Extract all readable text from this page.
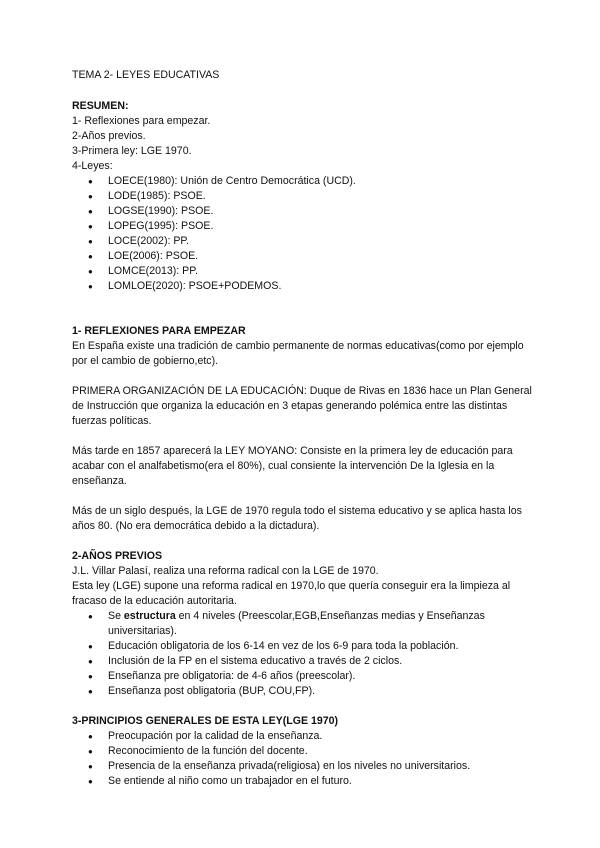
TEMA 2- LEYES EDUCATIVAS

RESUMEN:

1- Reflexiones para empezar.

2-Años previos.

3-Primera ley: LGE 1970.

4-Leyes:

● LOECE(1980): Unión de Centro Democrática (UCD).
● LODE(1985): PSOE.
● LOGSE(1990): PSOE.
● LOPEG(1995): PSOE.
● LOCE(2002): PP.
● LOE(2006): PSOE.
● LOMCE(2013): PP.
● LOMLOE(2020): PSOE+PODEMOS.

1- REFLEXIONES PARA EMPEZAR

En España existe una tradición de cambio permanente de normas educativas(como por ejemplo por el cambio de gobierno,etc).

PRIMERA ORGANIZACIÓN DE LA EDUCACIÓN: Duque de Rivas en 1836 hace un Plan General de Instrucción que organiza la educación en 3 etapas generando polémica entre las distintas fuerzas políticas.

Más tarde en 1857 aparecerá la LEY MOYANO: Consiste en la primera ley de educación para acabar con el analfabetismo(era el 80%), cual consiente la intervención De la Iglesia en la enseñanza.

Más de un siglo después, la LGE de 1970 regula todo el sistema educativo y se aplica hasta los años 80. (No era democrática debido a la dictadura).

2-AÑOS PREVIOS

J.L. Villar Palasí, realiza una reforma radical con la LGE de 1970.

Esta ley (LGE) supone una reforma radical en 1970,lo que quería conseguir era la limpieza al fracaso de la educación autoritaria.

● Se estructura en 4 niveles (Preescolar,EGB,Enseñanzas medias y Enseñanzas universitarias).
● Educación obligatoria de los 6-14 en vez de los 6-9 para toda la población.
● Inclusión de la FP en el sistema educativo a través de 2 ciclos.
● Enseñanza pre obligatoria: de 4-6 años (preescolar).
● Enseñanza post obligatoria (BUP, COU,FP).

3-PRINCIPIOS GENERALES DE ESTA LEY(LGE 1970)

● Preocupación por la calidad de la enseñanza.
● Reconocimiento de la función del docente.
● Presencia de la enseñanza privada(religiosa) en los niveles no universitarios.
● Se entiende al niño como un trabajador en el futuro.
